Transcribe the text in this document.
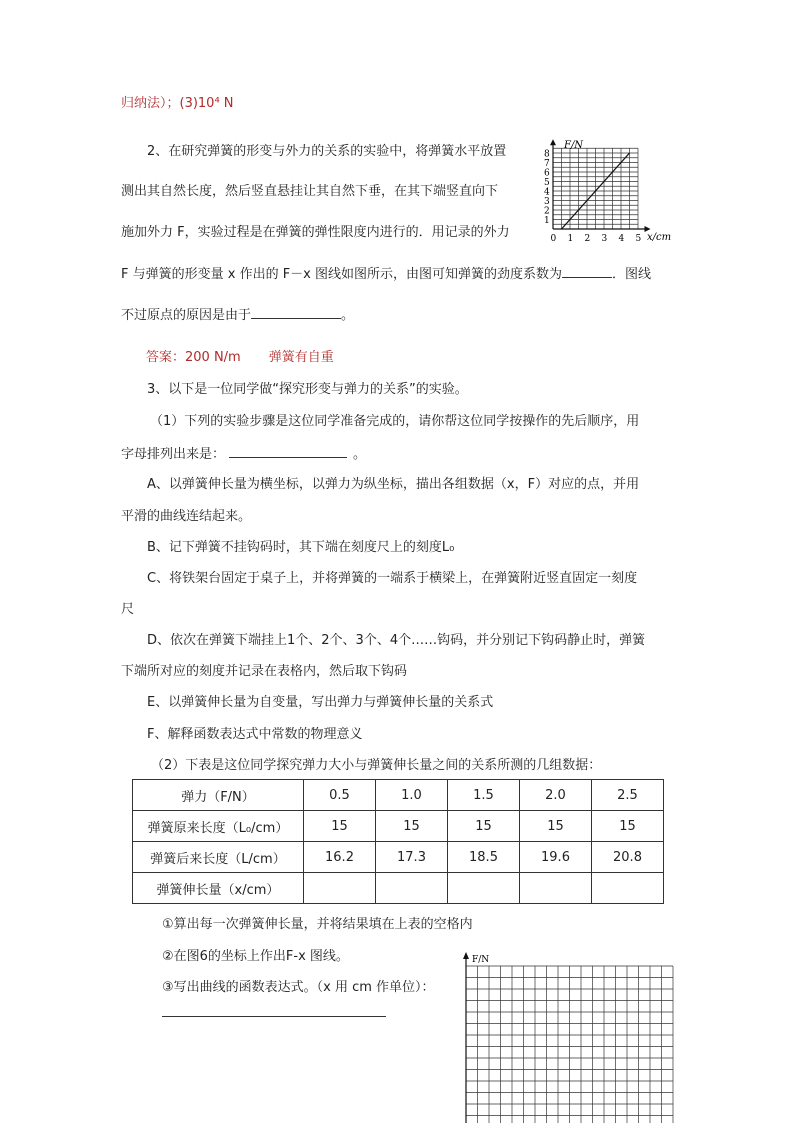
归纳法）；(3)10⁴ N
2、在研究弹簧的形变与外力的关系的实验中，将弹簧水平放置
测出其自然长度，然后竖直悬挂让其自然下垂，在其下端竖直向下
施加外力 F，实验过程是在弹簧的弹性限度内进行的．用记录的外力
F 与弹簧的形变量 x 作出的 F－x 图线如图所示，由图可知弹簧的劲度系数为	．图线
不过原点的原因是由于	。
答案：200 N/m 弹簧有自重
1
2
3
4
5
6
7
8
0 1 2 3 4 5
F/N
x/cm
3、以下是一位同学做“探究形变与弹力的关系”的实验。
（1）下列的实验步骤是这位同学准备完成的，请你帮这位同学按操作的先后顺序，用
字母排列出来是：	。
A、以弹簧伸长量为横坐标，以弹力为纵坐标，描出各组数据（x，F）对应的点，并用
平滑的曲线连结起来。
B、记下弹簧不挂钩码时，其下端在刻度尺上的刻度L₀
C、将铁架台固定于桌子上，并将弹簧的一端系于横梁上，在弹簧附近竖直固定一刻度
尺
D、依次在弹簧下端挂上1个、2个、3个、4个……钩码，并分别记下钩码静止时，弹簧
下端所对应的刻度并记录在表格内，然后取下钩码
E、以弹簧伸长量为自变量，写出弹力与弹簧伸长量的关系式
F、解释函数表达式中常数的物理意义
（2）下表是这位同学探究弹力大小与弹簧伸长量之间的关系所测的几组数据：
弹力（F/N）	0.5	1.0	1.5	2.0	2.5
弹簧原来长度（L₀/cm）	15	15	15	15	15
弹簧后来长度（L/cm）	16.2	17.3	18.5	19.6	20.8
弹簧伸长量（x/cm）					
①算出每一次弹簧伸长量，并将结果填在上表的空格内
②在图6的坐标上作出F-x 图线。
③写出曲线的函数表达式。（x 用 cm 作单位）：
F/N
